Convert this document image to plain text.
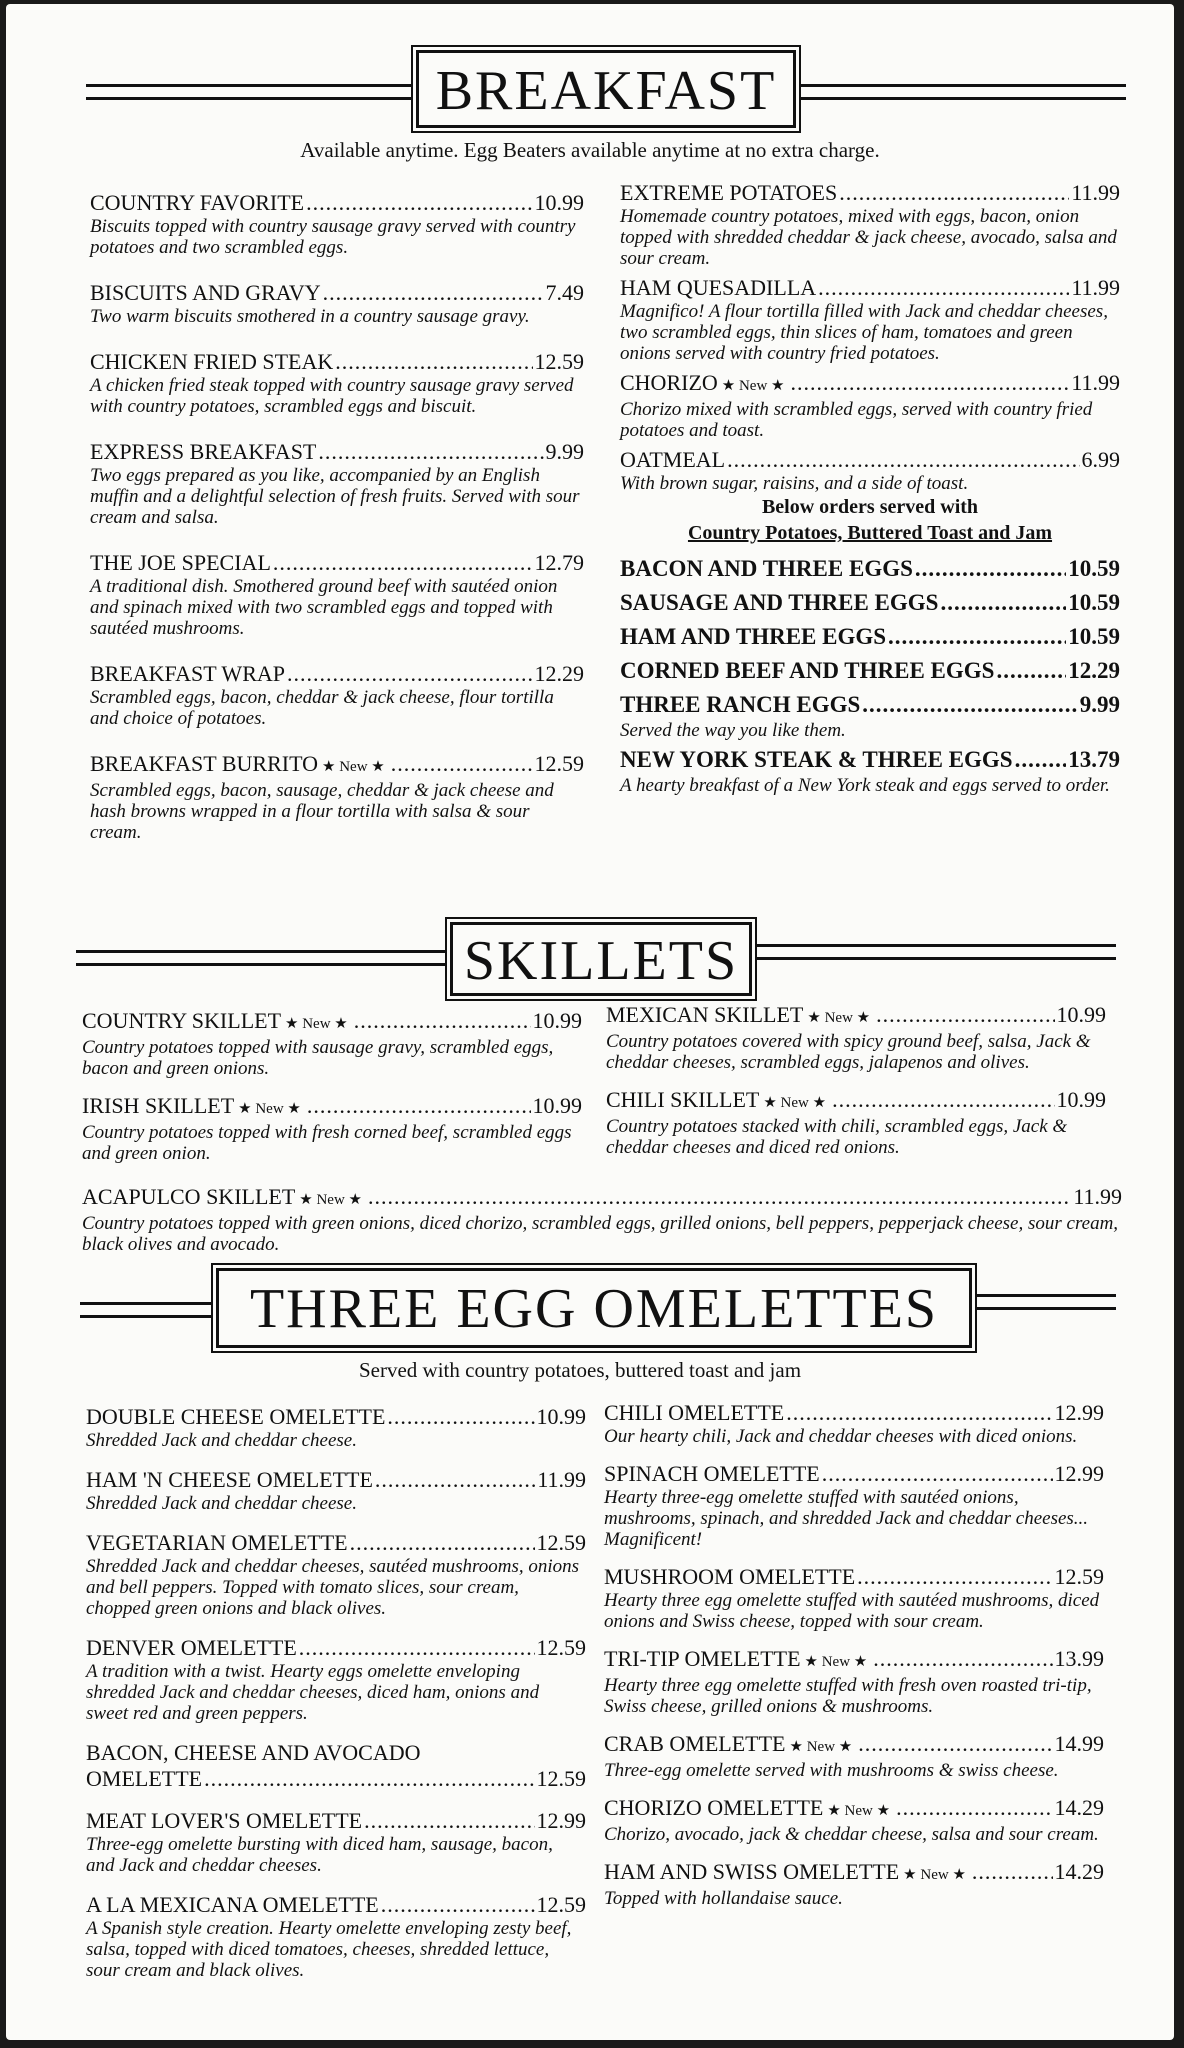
BREAKFAST
Available anytime. Egg Beaters available anytime at no extra charge.
COUNTRY FAVORITE .....	10.99
Biscuits topped with country sausage gravy served with country potatoes and two scrambled eggs.
BISCUITS AND GRAVY .....	7.49
Two warm biscuits smothered in a country sausage gravy.
CHICKEN FRIED STEAK .....	12.59
A chicken fried steak topped with country sausage gravy served with country potatoes, scrambled eggs and biscuit.
EXPRESS BREAKFAST .....	9.99
Two eggs prepared as you like, accompanied by an English muffin and a delightful selection of fresh fruits. Served with sour cream and salsa.
THE JOE SPECIAL .....	12.79
A traditional dish. Smothered ground beef with sautéed onion and spinach mixed with two scrambled eggs and topped with sautéed mushrooms.
BREAKFAST WRAP .....	12.29
Scrambled eggs, bacon, cheddar & jack cheese, flour tortilla and choice of potatoes.
BREAKFAST BURRITO ★ New ★ .....	12.59
Scrambled eggs, bacon, sausage, cheddar & jack cheese and hash browns wrapped in a flour tortilla with salsa & sour cream.
EXTREME POTATOES .....	11.99
Homemade country potatoes, mixed with eggs, bacon, onion topped with shredded cheddar & jack cheese, avocado, salsa and sour cream.
HAM QUESADILLA .....	11.99
Magnifico! A flour tortilla filled with Jack and cheddar cheeses, two scrambled eggs, thin slices of ham, tomatoes and green onions served with country fried potatoes.
CHORIZO ★ New ★ .....	11.99
Chorizo mixed with scrambled eggs, served with country fried potatoes and toast.
OATMEAL .....	6.99
With brown sugar, raisins, and a side of toast.
Below orders served with
Country Potatoes, Buttered Toast and Jam
BACON AND THREE EGGS .....	10.59
SAUSAGE AND THREE EGGS .....	10.59
HAM AND THREE EGGS .....	10.59
CORNED BEEF AND THREE EGGS .....	12.29
THREE RANCH EGGS .....	9.99
Served the way you like them.
NEW YORK STEAK & THREE EGGS ..... 13.79
A hearty breakfast of a New York steak and eggs served to order.
SKILLETS
COUNTRY SKILLET ★ New ★ .....	10.99
Country potatoes topped with sausage gravy, scrambled eggs, bacon and green onions.
IRISH SKILLET ★ New ★ .....	10.99
Country potatoes topped with fresh corned beef, scrambled eggs and green onion.
MEXICAN SKILLET ★ New ★ .....	10.99
Country potatoes covered with spicy ground beef, salsa, Jack & cheddar cheeses, scrambled eggs, jalapenos and olives.
CHILI SKILLET ★ New ★ .....	10.99
Country potatoes stacked with chili, scrambled eggs, Jack & cheddar cheeses and diced red onions.
ACAPULCO SKILLET ★ New ★ .....	11.99
Country potatoes topped with green onions, diced chorizo, scrambled eggs, grilled onions, bell peppers, pepperjack cheese, sour cream, black olives and avocado.
THREE EGG OMELETTES
Served with country potatoes, buttered toast and jam
DOUBLE CHEESE OMELETTE .....	10.99
Shredded Jack and cheddar cheese.
HAM 'N CHEESE OMELETTE .....	11.99
Shredded Jack and cheddar cheese.
VEGETARIAN OMELETTE .....	12.59
Shredded Jack and cheddar cheeses, sautéed mushrooms, onions and bell peppers. Topped with tomato slices, sour cream, chopped green onions and black olives.
DENVER OMELETTE .....	12.59
A tradition with a twist. Hearty eggs omelette enveloping shredded Jack and cheddar cheeses, diced ham, onions and sweet red and green peppers.
BACON, CHEESE AND AVOCADO
OMELETTE .....	12.59
MEAT LOVER'S OMELETTE .....	12.99
Three-egg omelette bursting with diced ham, sausage, bacon, and Jack and cheddar cheeses.
A LA MEXICANA OMELETTE .....	12.59
A Spanish style creation. Hearty omelette enveloping zesty beef, salsa, topped with diced tomatoes, cheeses, shredded lettuce, sour cream and black olives.
CHILI OMELETTE .....	12.99
Our hearty chili, Jack and cheddar cheeses with diced onions.
SPINACH OMELETTE .....	12.99
Hearty three-egg omelette stuffed with sautéed onions, mushrooms, spinach, and shredded Jack and cheddar cheeses... Magnificent!
MUSHROOM OMELETTE .....	12.59
Hearty three egg omelette stuffed with sautéed mushrooms, diced onions and Swiss cheese, topped with sour cream.
TRI-TIP OMELETTE ★ New ★ .....	13.99
Hearty three egg omelette stuffed with fresh oven roasted tri-tip, Swiss cheese, grilled onions & mushrooms.
CRAB OMELETTE ★ New ★ .....	14.99
Three-egg omelette served with mushrooms & swiss cheese.
CHORIZO OMELETTE ★ New ★ .....	14.29
Chorizo, avocado, jack & cheddar cheese, salsa and sour cream.
HAM AND SWISS OMELETTE ★ New ★ .....	14.29
Topped with hollandaise sauce.
